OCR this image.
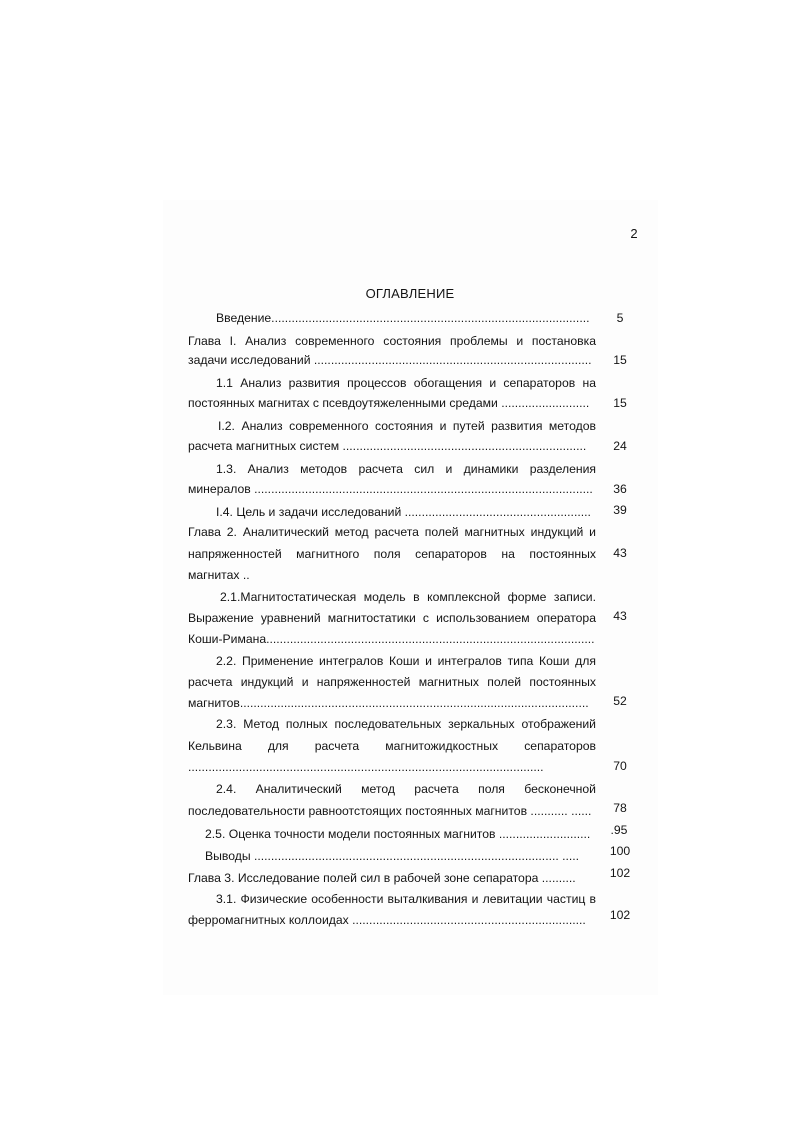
2
ОГЛАВЛЕНИЕ
Введение..............................................................................................
Глава I. Анализ современного состояния проблемы и постановка
задачи исследований ..................................................................................
1.1 Анализ развития процессов обогащения и сепараторов на
постоянных магнитах с псевдоутяжеленными средами ..........................
I.2. Анализ современного состояния и путей развития методов
расчета магнитных систем ........................................................................
1.3. Анализ методов расчета сил и динамики разделения
минералов ....................................................................................................
I.4. Цель и задачи исследований .......................................................
Глава 2. Аналитический метод расчета полей магнитных индукций и
напряженностей магнитного поля сепараторов на постоянных
магнитах ..
2.1.Магнитостатическая модель в комплексной форме записи.
Выражение уравнений магнитостатики с использованием оператора
Коши-Римана.................................................................................................
2.2. Применение интегралов Коши и интегралов типа Коши для
расчета индукций и напряженностей магнитных полей постоянных
магнитов.......................................................................................................
2.3. Метод полных последовательных зеркальных отображений
Кельвина для расчета магнитожидкостных сепараторов
.........................................................................................................
2.4. Аналитический метод расчета поля бесконечной
последовательности равноотстоящих постоянных магнитов ........... ......
2.5. Оценка точности модели постоянных магнитов ...........................
Выводы .......................................................................................... .....
Глава 3. Исследование полей сил в рабочей зоне сепаратора ..........
3.1. Физические особенности выталкивания и левитации частиц в
ферромагнитных коллоидах .....................................................................
5
15
15
24
36
39
43
43
52
70
78
.95
100
102
102
